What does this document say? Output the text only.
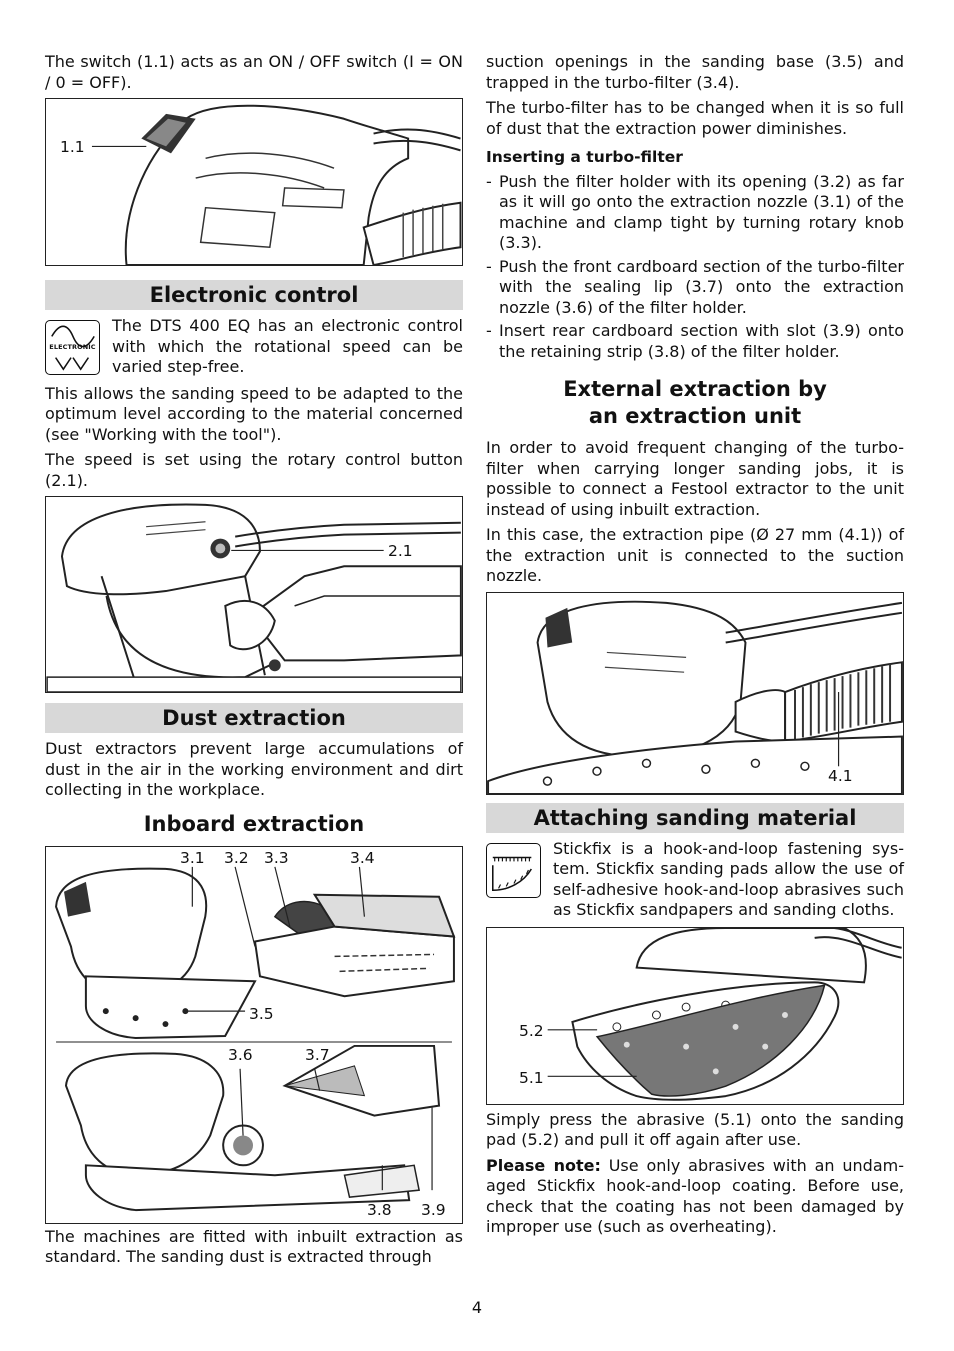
The switch (1.1) acts as an ON / OFF switch (I = ON / 0 = OFF).

1.1
Electronic control
ELECTRONIC
The DTS 400 EQ has an electronic control with which the rotational speed can be varied step-free.

This allows the sanding speed to be adapted to the optimum level according to the material concerned (see "Working with the tool").

The speed is set using the rotary control button (2.1).

2.1
Dust extraction

Dust extractors prevent large accumulations of dust in the air in the working environment and dirt collecting in the workplace.

Inboard extraction
3.1 3.2 3.3	3.4
3.5
3.6	3.7
3.8 3.9

The machines are fitted with inbuilt extraction as standard. The sanding dust is extracted through

suction openings in the sanding base (3.5) and trapped in the turbo-filter (3.4).

The turbo-filter has to be changed when it is so full of dust that the extraction power diminishes.

Inserting a turbo-filter
- Push the filter holder with its opening (3.2) as far as it will go onto the extraction nozzle (3.1) of the machine and clamp tight by turning rotary knob (3.3).
- Push the front cardboard section of the turbo-filter with the sealing lip (3.7) onto the extraction nozzle (3.6) of the filter holder.
- Insert rear cardboard section with slot (3.9) onto the retaining strip (3.8) of the filter holder.
External extraction by
an extraction unit

In order to avoid frequent changing of the turbo-filter when carrying longer sanding jobs, it is possible to connect a Festool extractor to the unit instead of using inbuilt extraction.

In this case, the extraction pipe (Ø 27 mm (4.1)) of the extraction unit is connected to the suction nozzle.

4.1
Attaching sanding material
Stickfix is a hook-and-loop fastening sys-tem. Stickfix sanding pads allow the use of self-adhesive hook-and-loop abrasives such as Stickfix sandpapers and sanding cloths.
5.2
5.1

Simply press the abrasive (5.1) onto the sanding pad (5.2) and pull it off again after use.

Please note: Use only abrasives with an undam-aged Stickfix hook-and-loop coating. Before use, check that the coating has not been damaged by improper use (such as overheating).

4
